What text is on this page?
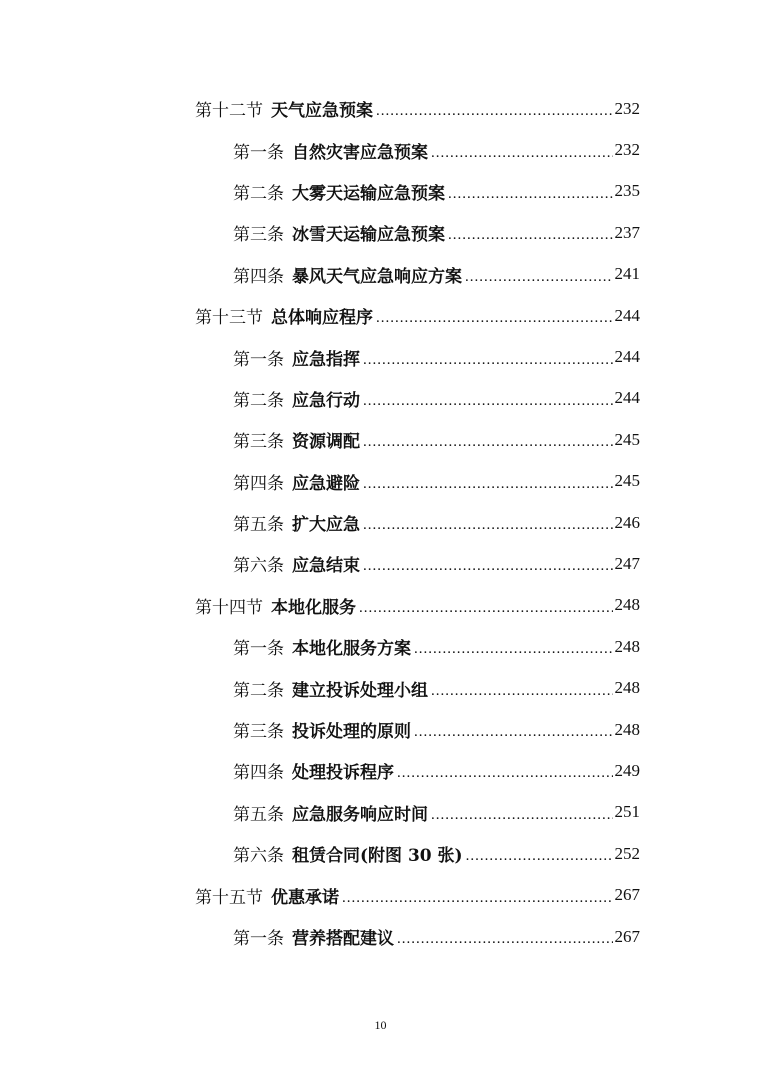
第十二节 天气应急预案 .....	232
第一条 自然灾害应急预案 .....	232
第二条 大雾天运输应急预案 .....	235
第三条 冰雪天运输应急预案 .....	237
第四条 暴风天气应急响应方案 .....	241
第十三节 总体响应程序 .....	244
第一条 应急指挥 .....	244
第二条 应急行动 .....	244
第三条 资源调配 .....	245
第四条 应急避险 .....	245
第五条 扩大应急 .....	246
第六条 应急结束 .....	247
第十四节 本地化服务 .....	248
第一条 本地化服务方案 .....	248
第二条 建立投诉处理小组 .....	248
第三条 投诉处理的原则 .....	248
第四条 处理投诉程序 .....	249
第五条 应急服务响应时间 .....	251
第六条 租赁合同(附图 30 张) .....	252
第十五节 优惠承诺 .....	267
第一条 营养搭配建议 .....	267
10
